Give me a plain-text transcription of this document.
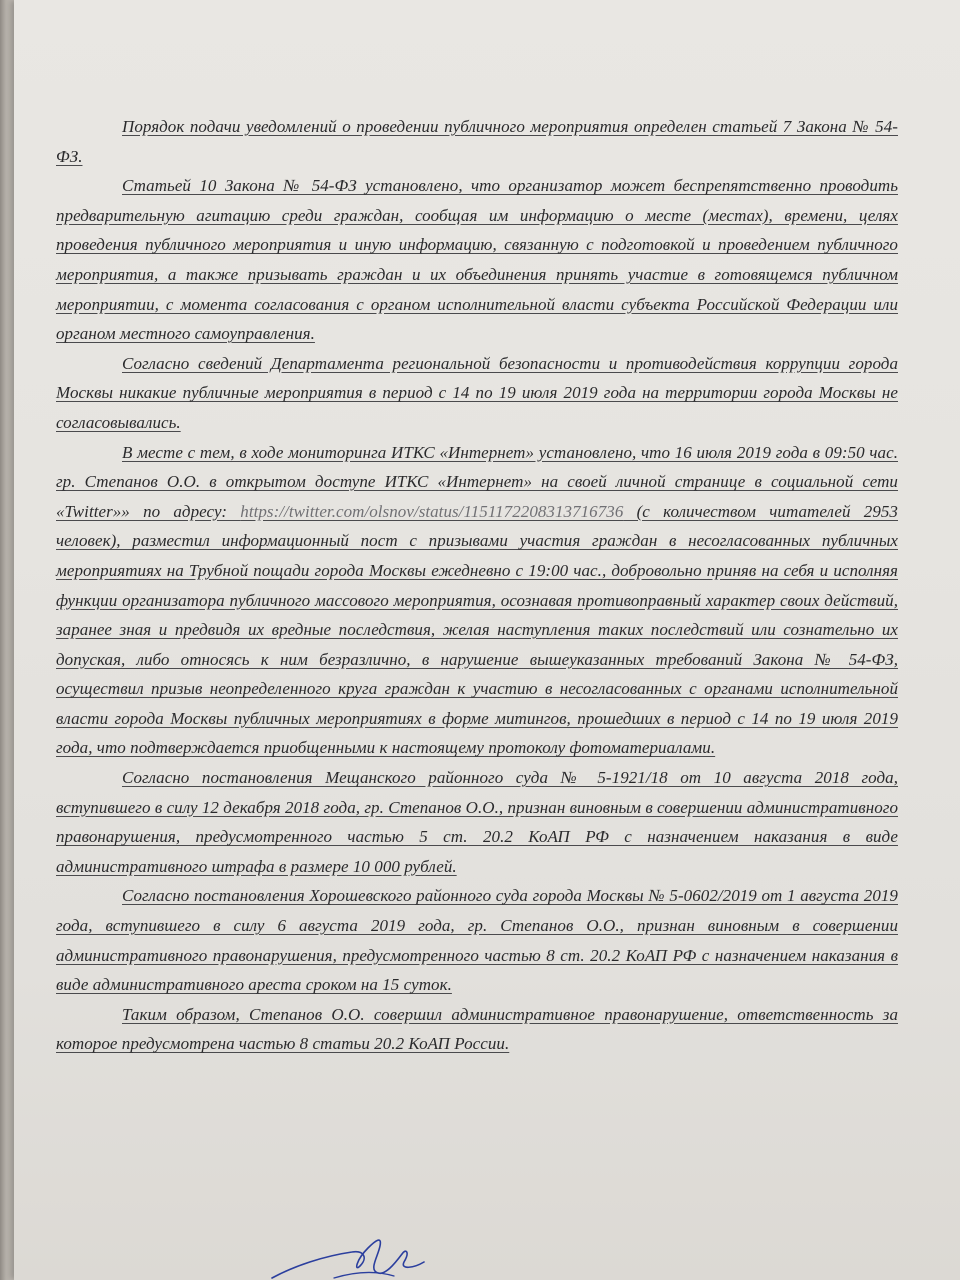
Порядок подачи уведомлений о проведении публичного мероприятия определен статьей 7 Закона № 54-ФЗ.

Статьей 10 Закона № 54-ФЗ установлено, что организатор может беспрепятственно проводить предварительную агитацию среди граждан, сообщая им информацию о месте (местах), времени, целях проведения публичного мероприятия и иную информацию, связанную с подготовкой и проведением публичного мероприятия, а также призывать граждан и их объединения принять участие в готовящемся публичном мероприятии, с момента согласования с органом исполнительной власти субъекта Российской Федерации или органом местного самоуправления.

Согласно сведений Департамента региональной безопасности и противодействия коррупции города Москвы никакие публичные мероприятия в период с 14 по 19 июля 2019 года на территории города Москвы не согласовывались.

В месте с тем, в ходе мониторинга ИТКС «Интернет» установлено, что 16 июля 2019 года в 09:50 час. гр. Степанов О.О. в открытом доступе ИТКС «Интернет» на своей личной странице в социальной сети «Twitter»» по адресу: https://twitter.com/olsnov/status/1151172208313716736 (с количеством читателей 2953 человек), разместил информационный пост с призывами участия граждан в несогласованных публичных мероприятиях на Трубной пощади города Москвы ежедневно с 19:00 час., добровольно приняв на себя и исполняя функции организатора публичного массового мероприятия, осознавая противоправный характер своих действий, заранее зная и предвидя их вредные последствия, желая наступления таких последствий или сознательно их допуская, либо относясь к ним безразлично, в нарушение вышеуказанных требований Закона № 54-ФЗ, осуществил призыв неопределенного круга граждан к участию в несогласованных с органами исполнительной власти города Москвы публичных мероприятиях в форме митингов, прошедших в период с 14 по 19 июля 2019 года, что подтверждается приобщенными к настоящему протоколу фотоматериалами.

Согласно постановления Мещанского районного суда № 5-1921/18 от 10 августа 2018 года, вступившего в силу 12 декабря 2018 года, гр. Степанов О.О., признан виновным в совершении административного правонарушения, предусмотренного частью 5 ст. 20.2 КоАП РФ с назначением наказания в виде административного штрафа в размере 10 000 рублей.

Согласно постановления Хорошевского районного суда города Москвы № 5-0602/2019 от 1 августа 2019 года, вступившего в силу 6 августа 2019 года, гр. Степанов О.О., признан виновным в совершении административного правонарушения, предусмотренного частью 8 ст. 20.2 КоАП РФ с назначением наказания в виде административного ареста сроком на 15 суток.

Таким образом, Степанов О.О. совершил административное правонарушение, ответственность за которое предусмотрена частью 8 статьи 20.2 КоАП России.
